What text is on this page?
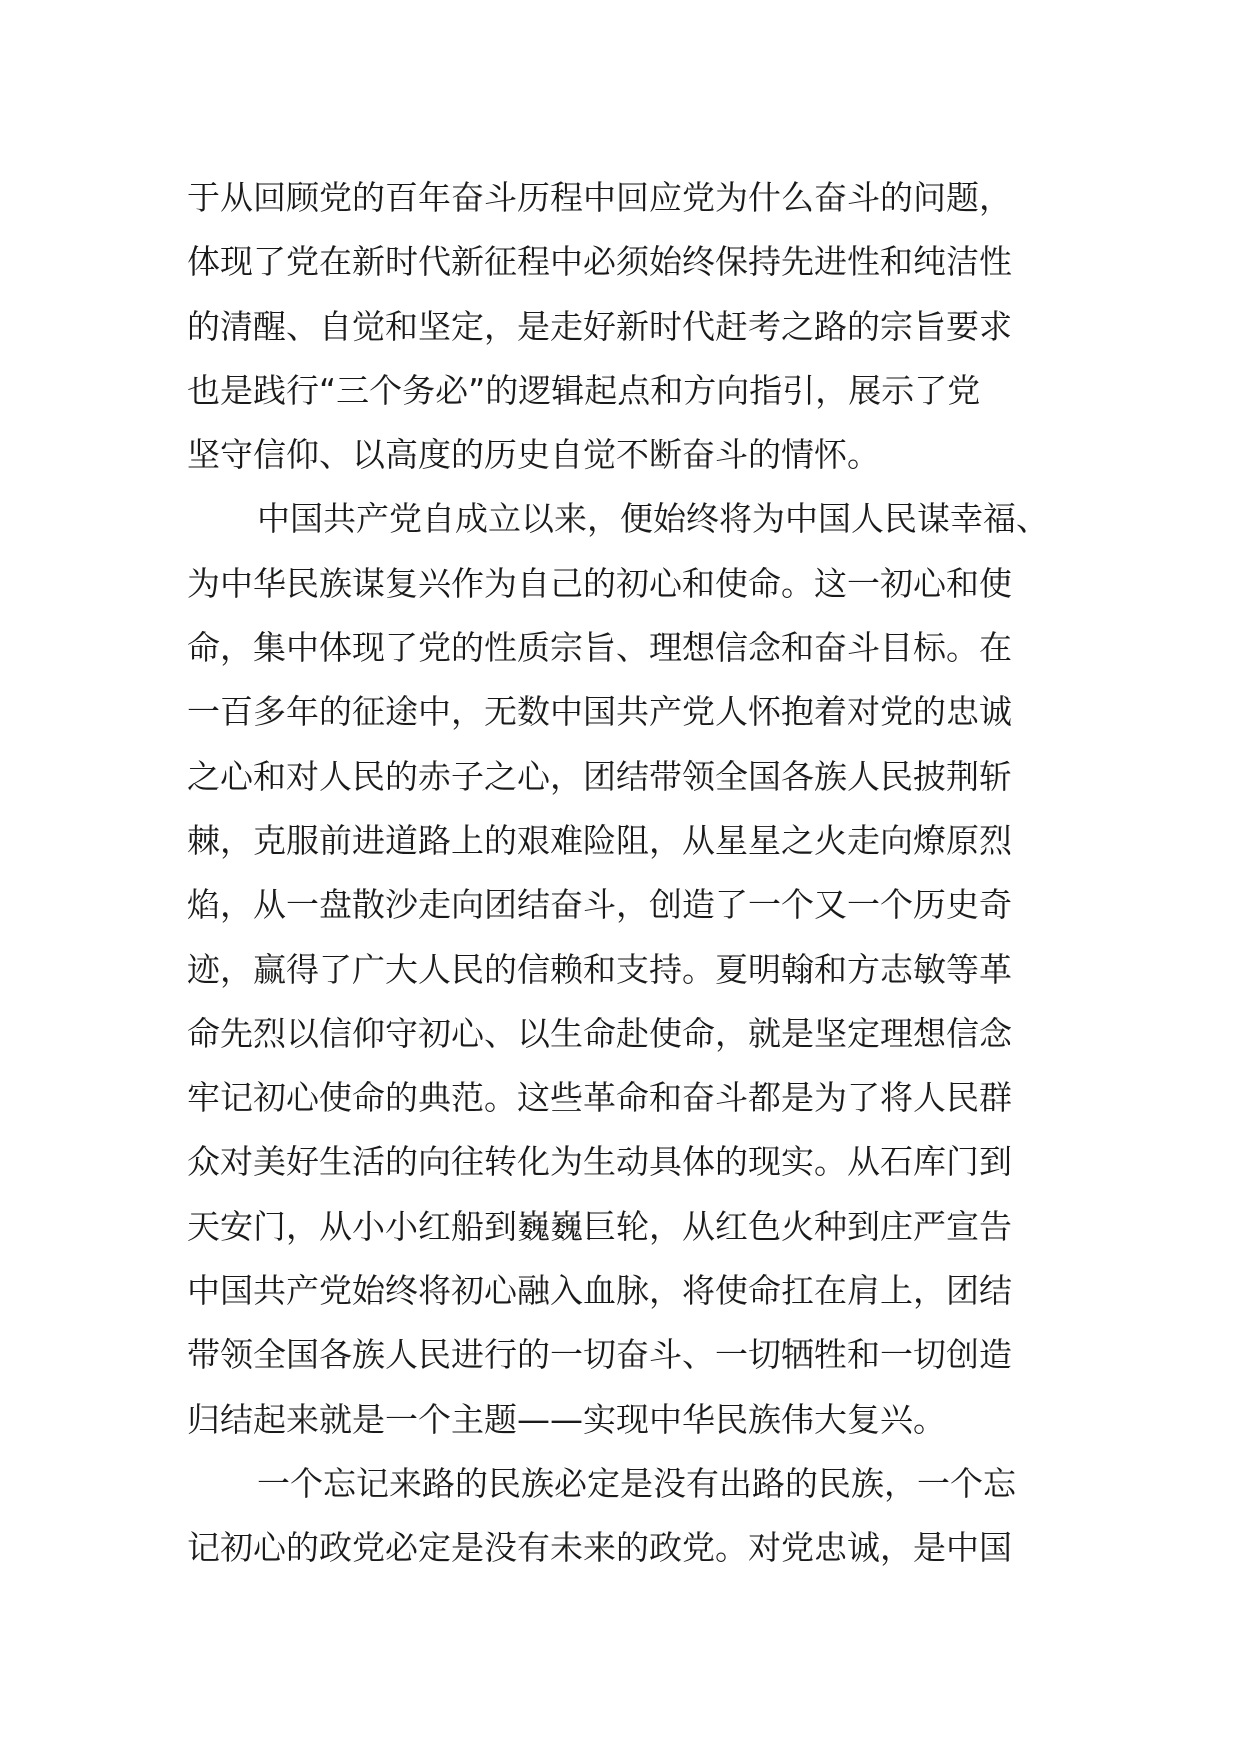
于从回顾党的百年奋斗历程中回应党为什么奋斗的问题，
体现了党在新时代新征程中必须始终保持先进性和纯洁性
的清醒、自觉和坚定，是走好新时代赶考之路的宗旨要求
也是践行“三个务必”的逻辑起点和方向指引，展示了党
坚守信仰、以高度的历史自觉不断奋斗的情怀。
中国共产党自成立以来，便始终将为中国人民谋幸福、
为中华民族谋复兴作为自己的初心和使命。这一初心和使
命，集中体现了党的性质宗旨、理想信念和奋斗目标。在
一百多年的征途中，无数中国共产党人怀抱着对党的忠诚
之心和对人民的赤子之心，团结带领全国各族人民披荆斩
棘，克服前进道路上的艰难险阻，从星星之火走向燎原烈
焰，从一盘散沙走向团结奋斗，创造了一个又一个历史奇
迹，赢得了广大人民的信赖和支持。夏明翰和方志敏等革
命先烈以信仰守初心、以生命赴使命，就是坚定理想信念
牢记初心使命的典范。这些革命和奋斗都是为了将人民群
众对美好生活的向往转化为生动具体的现实。从石库门到
天安门，从小小红船到巍巍巨轮，从红色火种到庄严宣告
中国共产党始终将初心融入血脉，将使命扛在肩上，团结
带领全国各族人民进行的一切奋斗、一切牺牲和一切创造
归结起来就是一个主题——实现中华民族伟大复兴。
一个忘记来路的民族必定是没有出路的民族，一个忘
记初心的政党必定是没有未来的政党。对党忠诚，是中国
